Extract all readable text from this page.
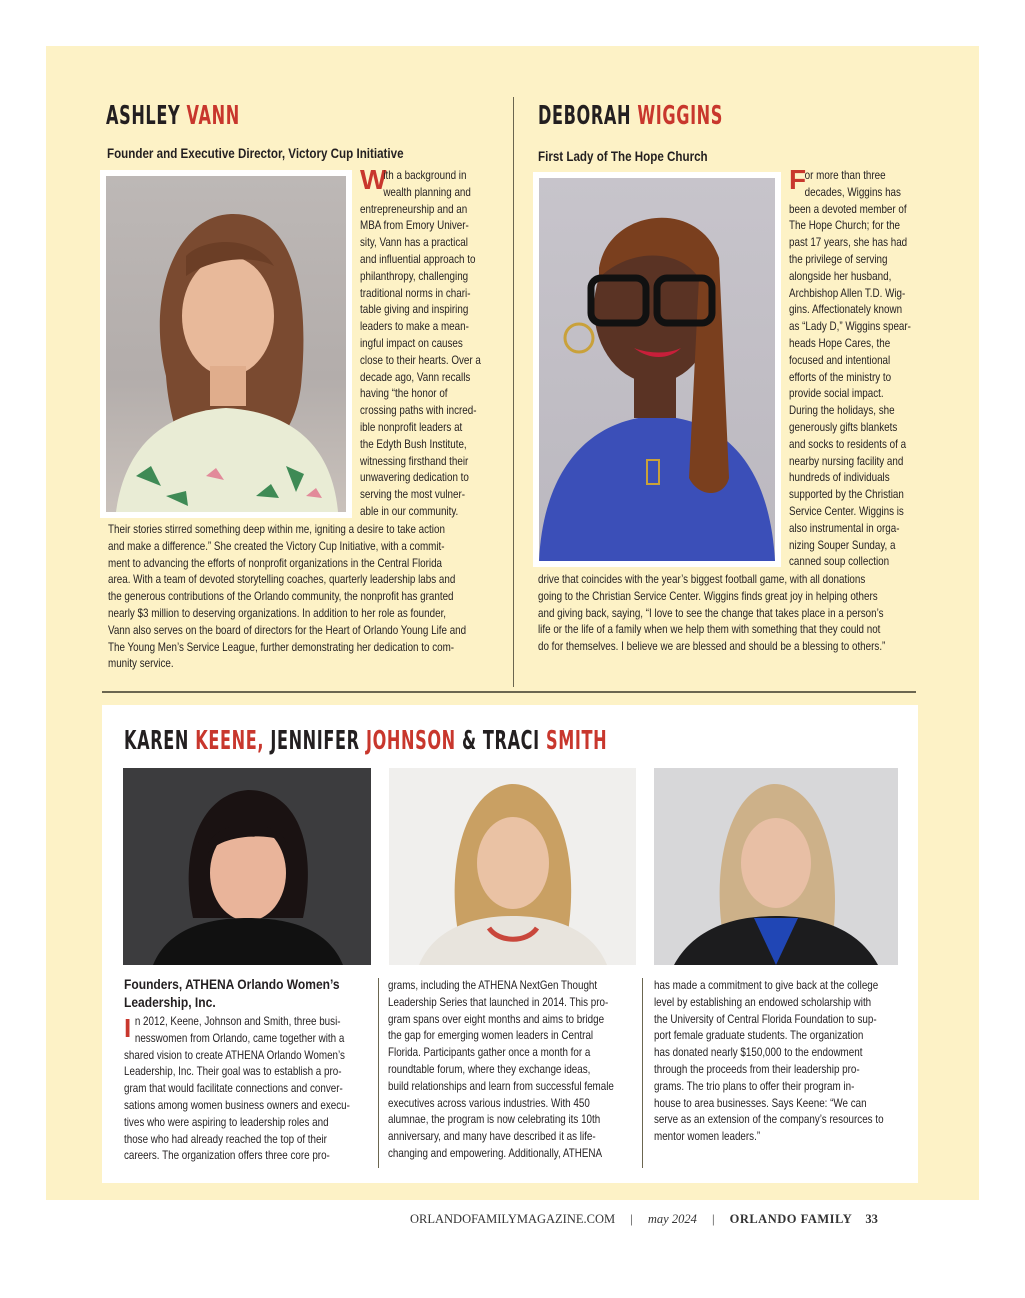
ASHLEY VANN
Founder and Executive Director, Victory Cup Initiative
W
ith a background in
wealth planning and
entrepreneurship and an
MBA from Emory Univer-
sity, Vann has a practical
and influential approach to
philanthropy, challenging
traditional norms in chari-
table giving and inspiring
leaders to make a mean-
ingful impact on causes
close to their hearts. Over a
decade ago, Vann recalls
having “the honor of
crossing paths with incred-
ible nonprofit leaders at
the Edyth Bush Institute,
witnessing firsthand their
unwavering dedication to
serving the most vulner-
able in our community.
Their stories stirred something deep within me, igniting a desire to take action
and make a difference.” She created the Victory Cup Initiative, with a commit-
ment to advancing the efforts of nonprofit organizations in the Central Florida
area. With a team of devoted storytelling coaches, quarterly leadership labs and
the generous contributions of the Orlando community, the nonprofit has granted
nearly $3 million to deserving organizations. In addition to her role as founder,
Vann also serves on the board of directors for the Heart of Orlando Young Life and
The Young Men’s Service League, further demonstrating her dedication to com-
munity service.
DEBORAH WIGGINS
First Lady of The Hope Church
F
or more than three
decades, Wiggins has
been a devoted member of
The Hope Church; for the
past 17 years, she has had
the privilege of serving
alongside her husband,
Archbishop Allen T.D. Wig-
gins. Affectionately known
as “Lady D,” Wiggins spear-
heads Hope Cares, the
focused and intentional
efforts of the ministry to
provide social impact.
During the holidays, she
generously gifts blankets
and socks to residents of a
nearby nursing facility and
hundreds of individuals
supported by the Christian
Service Center. Wiggins is
also instrumental in orga-
nizing Souper Sunday, a
canned soup collection
drive that coincides with the year’s biggest football game, with all donations
going to the Christian Service Center. Wiggins finds great joy in helping others
and giving back, saying, “I love to see the change that takes place in a person’s
life or the life of a family when we help them with something that they could not
do for themselves. I believe we are blessed and should be a blessing to others.”
KAREN KEENE, JENNIFER JOHNSON & TRACI SMITH
Founders, ATHENA Orlando Women’s
Leadership, Inc.
I n 2012, Keene, Johnson and Smith, three busi-
nesswomen from Orlando, came together with a
shared vision to create ATHENA Orlando Women’s
Leadership, Inc. Their goal was to establish a pro-
gram that would facilitate connections and conver-
sations among women business owners and execu-
tives who were aspiring to leadership roles and
those who had already reached the top of their
careers. The organization offers three core pro-
grams, including the ATHENA NextGen Thought
Leadership Series that launched in 2014. This pro-
gram spans over eight months and aims to bridge
the gap for emerging women leaders in Central
Florida. Participants gather once a month for a
roundtable forum, where they exchange ideas,
build relationships and learn from successful female
executives across various industries. With 450
alumnae, the program is now celebrating its 10th
anniversary, and many have described it as life-
changing and empowering. Additionally, ATHENA
has made a commitment to give back at the college
level by establishing an endowed scholarship with
the University of Central Florida Foundation to sup-
port female graduate students. The organization
has donated nearly $150,000 to the endowment
through the proceeds from their leadership pro-
grams. The trio plans to offer their program in-
house to area businesses. Says Keene: “We can
serve as an extension of the company’s resources to
mentor women leaders.”
ORLANDOFAMILYMAGAZINE.COM | may 2024 | ORLANDO FAMILY 33
